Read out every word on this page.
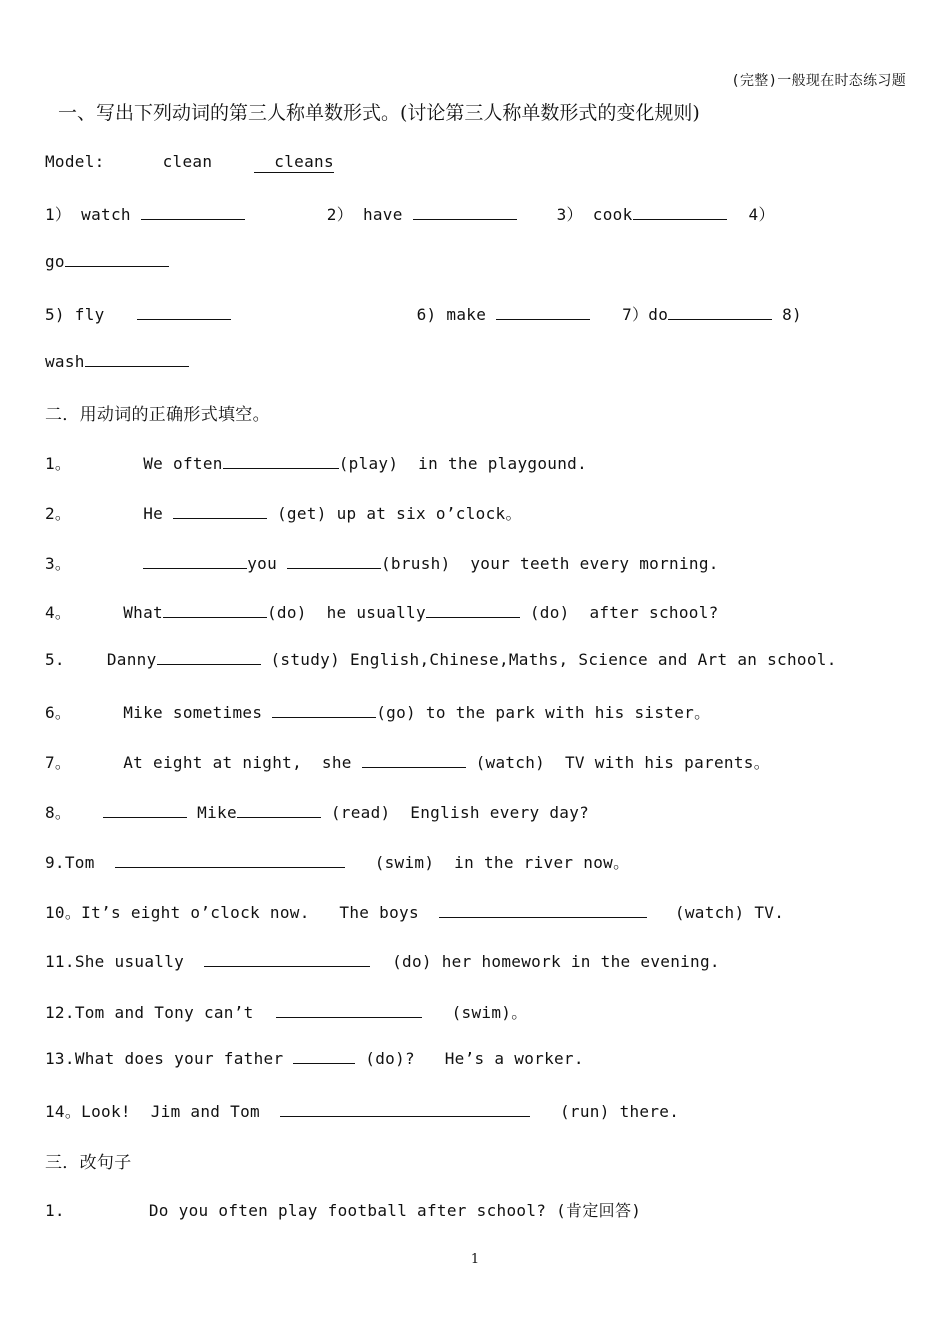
(完整)一般现在时态练习题
一、写出下列动词的第三人称单数形式。(讨论第三人称单数形式的变化规则)
Model:	clean	cleans
1） watch	2） have	3） cook	4）
go
5) fly	6) make	7）do	8)
wash
二．用动词的正确形式填空。
1。	We often	(play)  in the playgound.
2。	He	(get) up at six o’clock。
3。	you	(brush)  your teeth every morning.
4。	What	(do)  he usually	(do)  after school?
5.	Danny	(study) English,Chinese,Maths, Science and Art an school.
6。	Mike sometimes	(go) to the park with his sister。
7。	At eight at night,  she	(watch)  TV with his parents。
8。	Mike	(read)  English every day?
9.Tom	(swim)  in the river now。
10。It’s eight o’clock now.   The boys	(watch) TV.
11.She usually	(do) her homework in the evening.
12.Tom and Tony can’t	(swim)。
13.What does your father	(do)?   He’s a worker.
14。Look!  Jim and Tom	(run) there.
三．改句子
1.	Do you often play football after school? (肯定回答)
1
